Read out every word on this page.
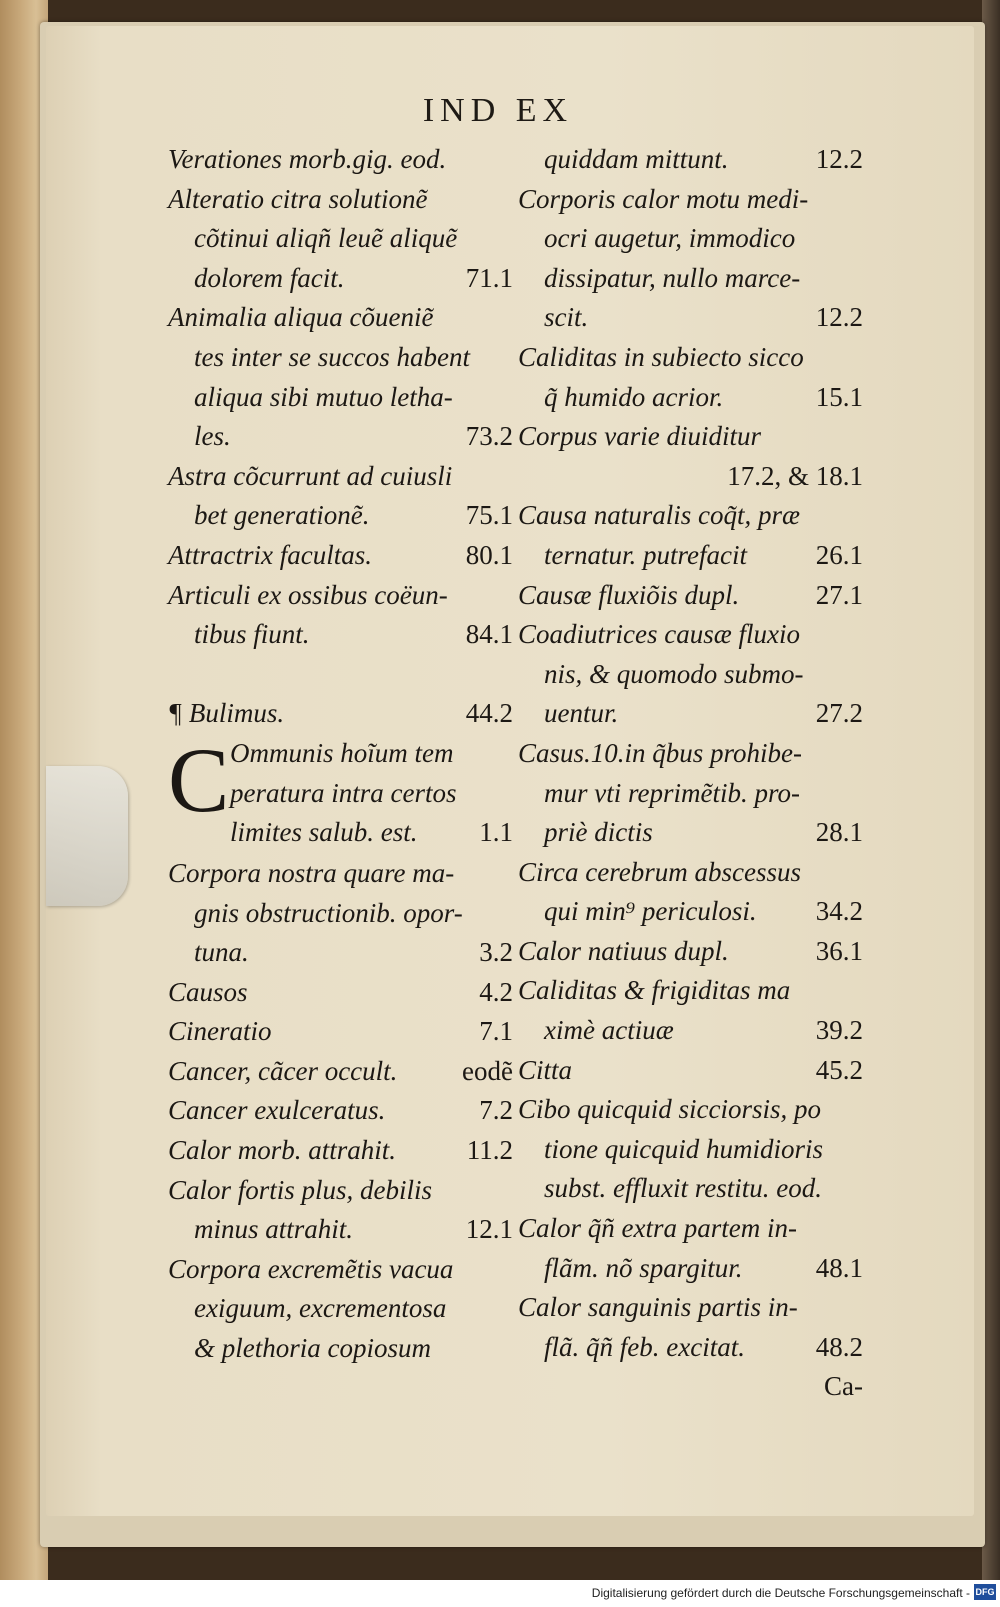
IND EX
Verationes morb.gig. eod.
Alteratio citra solutionẽ
cõtinui aliqñ leuẽ aliquẽ
dolorem facit.	71.1
Animalia aliqua cõuenie͂
tes inter se succos habent
aliqua sibi mutuo letha-
les.	73.2
Astra cõcurrunt ad cuiusli
bet generationẽ.	75.1
Attractrix facultas.	80.1
Articuli ex ossibus coëun-
tibus fiunt.	84.1
¶ Bulimus.	44.2
C Ommunis hoĩum tem
peratura intra certos
limites salub. est. 1.1
Corpora nostra quare ma-
gnis obstructionib. opor-
tuna.	3.2
Causos	4.2
Cineratio	7.1
Cancer, cãcer occult. eodẽ
Cancer exulceratus.	7.2
Calor morb. attrahit.	11.2
Calor fortis plus, debilis
minus attrahit.	12.1
Corpora excremẽtis vacua
exiguum, excrementosa
& plethoria copiosum
quiddam mittunt.	12.2
Corporis calor motu medi-
ocri augetur, immodico
dissipatur, nullo marce-
scit.	12.2
Caliditas in subiecto sicco
q̃ humido acrior.	15.1
Corpus varie diuiditur
17.2, & 18.1
Causa naturalis coq̃t, præ
ternatur. putrefacit	26.1
Causæ fluxiõis dupl.	27.1
Coadiutrices causæ fluxio
nis, & quomodo submo-
uentur.	27.2
Casus.10.in q̃bus prohibe-
mur vti reprimẽtib. pro-
priè dictis	28.1
Circa cerebrum abscessus
qui min⁹ periculosi. 34.2
Calor natiuus dupl.	36.1
Caliditas & frigiditas ma
ximè actiuæ	39.2
Citta	45.2
Cibo quicquid sicciorsis, po
tione quicquid humidioris
subst. effluxit restitu. eod.
Calor q̃ñ extra partem in-
flãm. nõ spargitur.	48.1
Calor sanguinis partis in-
flã. q̃ñ feb. excitat.	48.2
Ca-
Digitalisierung gefördert durch die Deutsche Forschungsgemeinschaft - DFG
